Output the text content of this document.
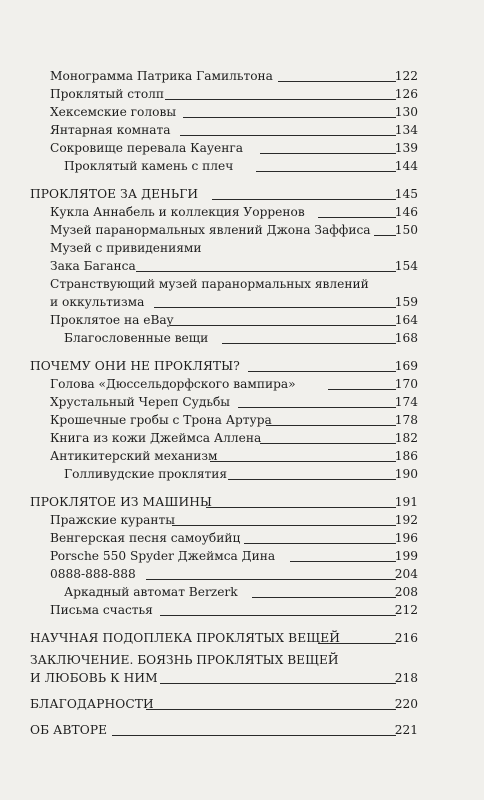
Монограмма Патрика Гамильтона	122
Проклятый столп	126
Хексемские головы	130
Янтарная комната	134
Сокровище перевала Кауенга	139
Проклятый камень с плеч	144
ПРОКЛЯТОЕ ЗА ДЕНЬГИ	145
Кукла Аннабель и коллекция Уорренов	146
Музей паранормальных явлений Джона Заффиса 150
Музей с привидениями
Зака Баганса	154
Странствующий музей паранормальных явлений
и оккультизма	159
Проклятое на eBay	164
Благословенные вещи	168
ПОЧЕМУ ОНИ НЕ ПРОКЛЯТЫ?	169
Голова «Дюссельдорфского вампира»	170
Хрустальный Череп Судьбы	174
Крошечные гробы с Трона Артура	178
Книга из кожи Джеймса Аллена	182
Антикитерский механизм	186
Голливудские проклятия	190
ПРОКЛЯТОЕ ИЗ МАШИНЫ	191
Пражские куранты	192
Венгерская песня самоубийц	196
Porsche 550 Spyder Джеймса Дина	199
0888-888-888	204
Аркадный автомат Berzerk	208
Письма счастья	212
НАУЧНАЯ ПОДОПЛЕКА ПРОКЛЯТЫХ ВЕЩЕЙ	216
ЗАКЛЮЧЕНИЕ. БОЯЗНЬ ПРОКЛЯТЫХ ВЕЩЕЙ
И ЛЮБОВЬ К НИМ	218
БЛАГОДАРНОСТИ	220
ОБ АВТОРЕ	221
